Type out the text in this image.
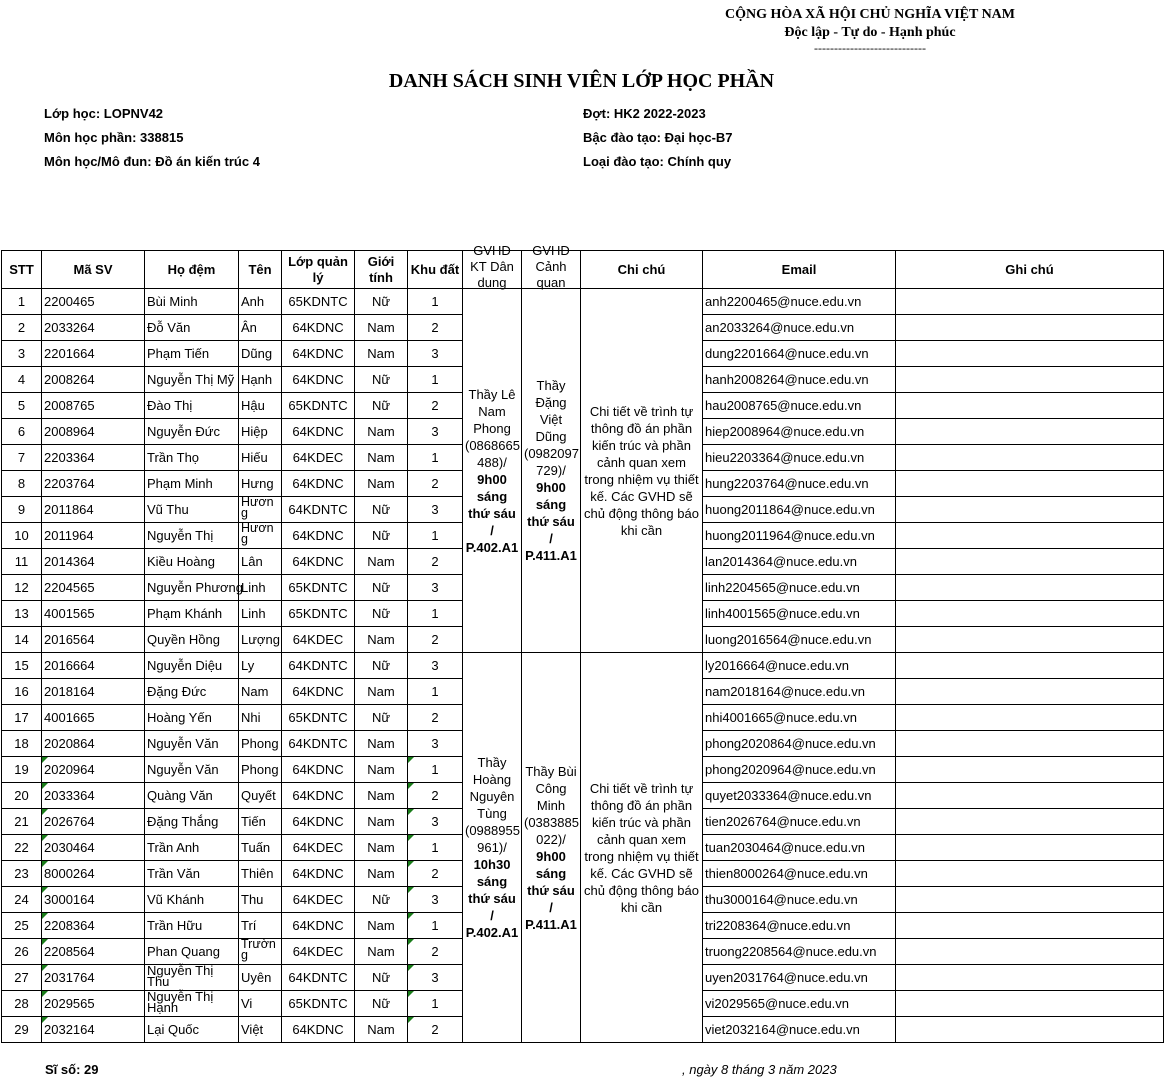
CỘNG HÒA XÃ HỘI CHỦ NGHĨA VIỆT NAM
Độc lập - Tự do - Hạnh phúc
----------------------------
DANH SÁCH SINH VIÊN LỚP HỌC PHẦN
Lớp học: LOPNV42
Môn học phần: 338815
Môn học/Mô đun: Đồ án kiến trúc 4
Đợt: HK2 2022-2023
Bậc đào tạo: Đại học-B7
Loại đào tạo: Chính quy
STT	Mã SV	Họ đệm	Tên	Lớp quản lý	Giới tính	Khu đất	GVHD KT Dân dụng	GVHD Cảnh quan	Chi chú	Email	Ghi chú
1	2200465	Bùi Minh	Anh	65KDNTC	Nữ	1	Thầy Lê Nam Phong (0868665 488)/
9h00 sáng thứ sáu / P.402.A1	Thầy Đặng Việt Dũng (0982097 729)/
9h00 sáng thứ sáu / P.411.A1	Chi tiết về trình tự thông đồ án phần kiến trúc và phần cảnh quan xem trong nhiệm vụ thiết kế. Các GVHD sẽ chủ động thông báo khi cần	anh2200465@nuce.edu.vn	
2	2033264	Đỗ Văn	Ân	64KDNC	Nam	2				an2033264@nuce.edu.vn	
3	2201664	Phạm Tiến	Dũng	64KDNC	Nam	3				dung2201664@nuce.edu.vn	
4	2008264	Nguyễn Thị Mỹ	Hạnh	64KDNC	Nữ	1				hanh2008264@nuce.edu.vn	
5	2008765	Đào Thị	Hậu	65KDNTC	Nữ	2				hau2008765@nuce.edu.vn	
6	2008964	Nguyễn Đức	Hiệp	64KDNC	Nam	3				hiep2008964@nuce.edu.vn	
7	2203364	Trần Thọ	Hiếu	64KDEC	Nam	1				hieu2203364@nuce.edu.vn	
8	2203764	Phạm Minh	Hưng	64KDNC	Nam	2				hung2203764@nuce.edu.vn	
9	2011864	Vũ Thu	Hươn g	64KDNTC	Nữ	3				huong2011864@nuce.edu.vn	
10	2011964	Nguyễn Thị	Hươn g	64KDNC	Nữ	1				huong2011964@nuce.edu.vn	
11	2014364	Kiều Hoàng	Lân	64KDNC	Nam	2				lan2014364@nuce.edu.vn	
12	2204565	Nguyễn Phương	Linh	65KDNTC	Nữ	3				linh2204565@nuce.edu.vn	
13	4001565	Phạm Khánh	Linh	65KDNTC	Nữ	1				linh4001565@nuce.edu.vn	
14	2016564	Quyền Hồng	Lượng	64KDEC	Nam	2				luong2016564@nuce.edu.vn	
15	2016664	Nguyễn Diệu	Ly	64KDNTC	Nữ	3	Thầy Hoàng Nguyên Tùng (0988955 961)/
10h30 sáng thứ sáu / P.402.A1	Thầy Bùi Công Minh (0383885 022)/
9h00 sáng thứ sáu / P.411.A1	Chi tiết về trình tự thông đồ án phần kiến trúc và phần cảnh quan xem trong nhiệm vụ thiết kế. Các GVHD sẽ chủ động thông báo khi cần	ly2016664@nuce.edu.vn	
16	2018164	Đặng Đức	Nam	64KDNC	Nam	1				nam2018164@nuce.edu.vn	
17	4001665	Hoàng Yến	Nhi	65KDNTC	Nữ	2				nhi4001665@nuce.edu.vn	
18	2020864	Nguyễn Văn	Phong	64KDNTC	Nam	3				phong2020864@nuce.edu.vn	
19	2020964	Nguyễn Văn	Phong	64KDNC	Nam	1				phong2020964@nuce.edu.vn	
20	2033364	Quàng Văn	Quyết	64KDNC	Nam	2				quyet2033364@nuce.edu.vn	
21	2026764	Đặng Thắng	Tiến	64KDNC	Nam	3				tien2026764@nuce.edu.vn	
22	2030464	Trần Anh	Tuấn	64KDEC	Nam	1				tuan2030464@nuce.edu.vn	
23	8000264	Trần Văn	Thiên	64KDNC	Nam	2				thien8000264@nuce.edu.vn	
24	3000164	Vũ Khánh	Thu	64KDEC	Nữ	3				thu3000164@nuce.edu.vn	
25	2208364	Trần Hữu	Trí	64KDNC	Nam	1				tri2208364@nuce.edu.vn	
26	2208564	Phan Quang	Trườn g	64KDEC	Nam	2				truong2208564@nuce.edu.vn	
27	2031764	Nguyễn Thị Thu	Uyên	64KDNTC	Nữ	3				uyen2031764@nuce.edu.vn	
28	2029565	Nguyễn Thị Hạnh	Vi	65KDNTC	Nữ	1				vi2029565@nuce.edu.vn	
29	2032164	Lại Quốc	Việt	64KDNC	Nam	2				viet2032164@nuce.edu.vn	
Sĩ số: 29	, ngày 8 tháng 3 năm 2023
